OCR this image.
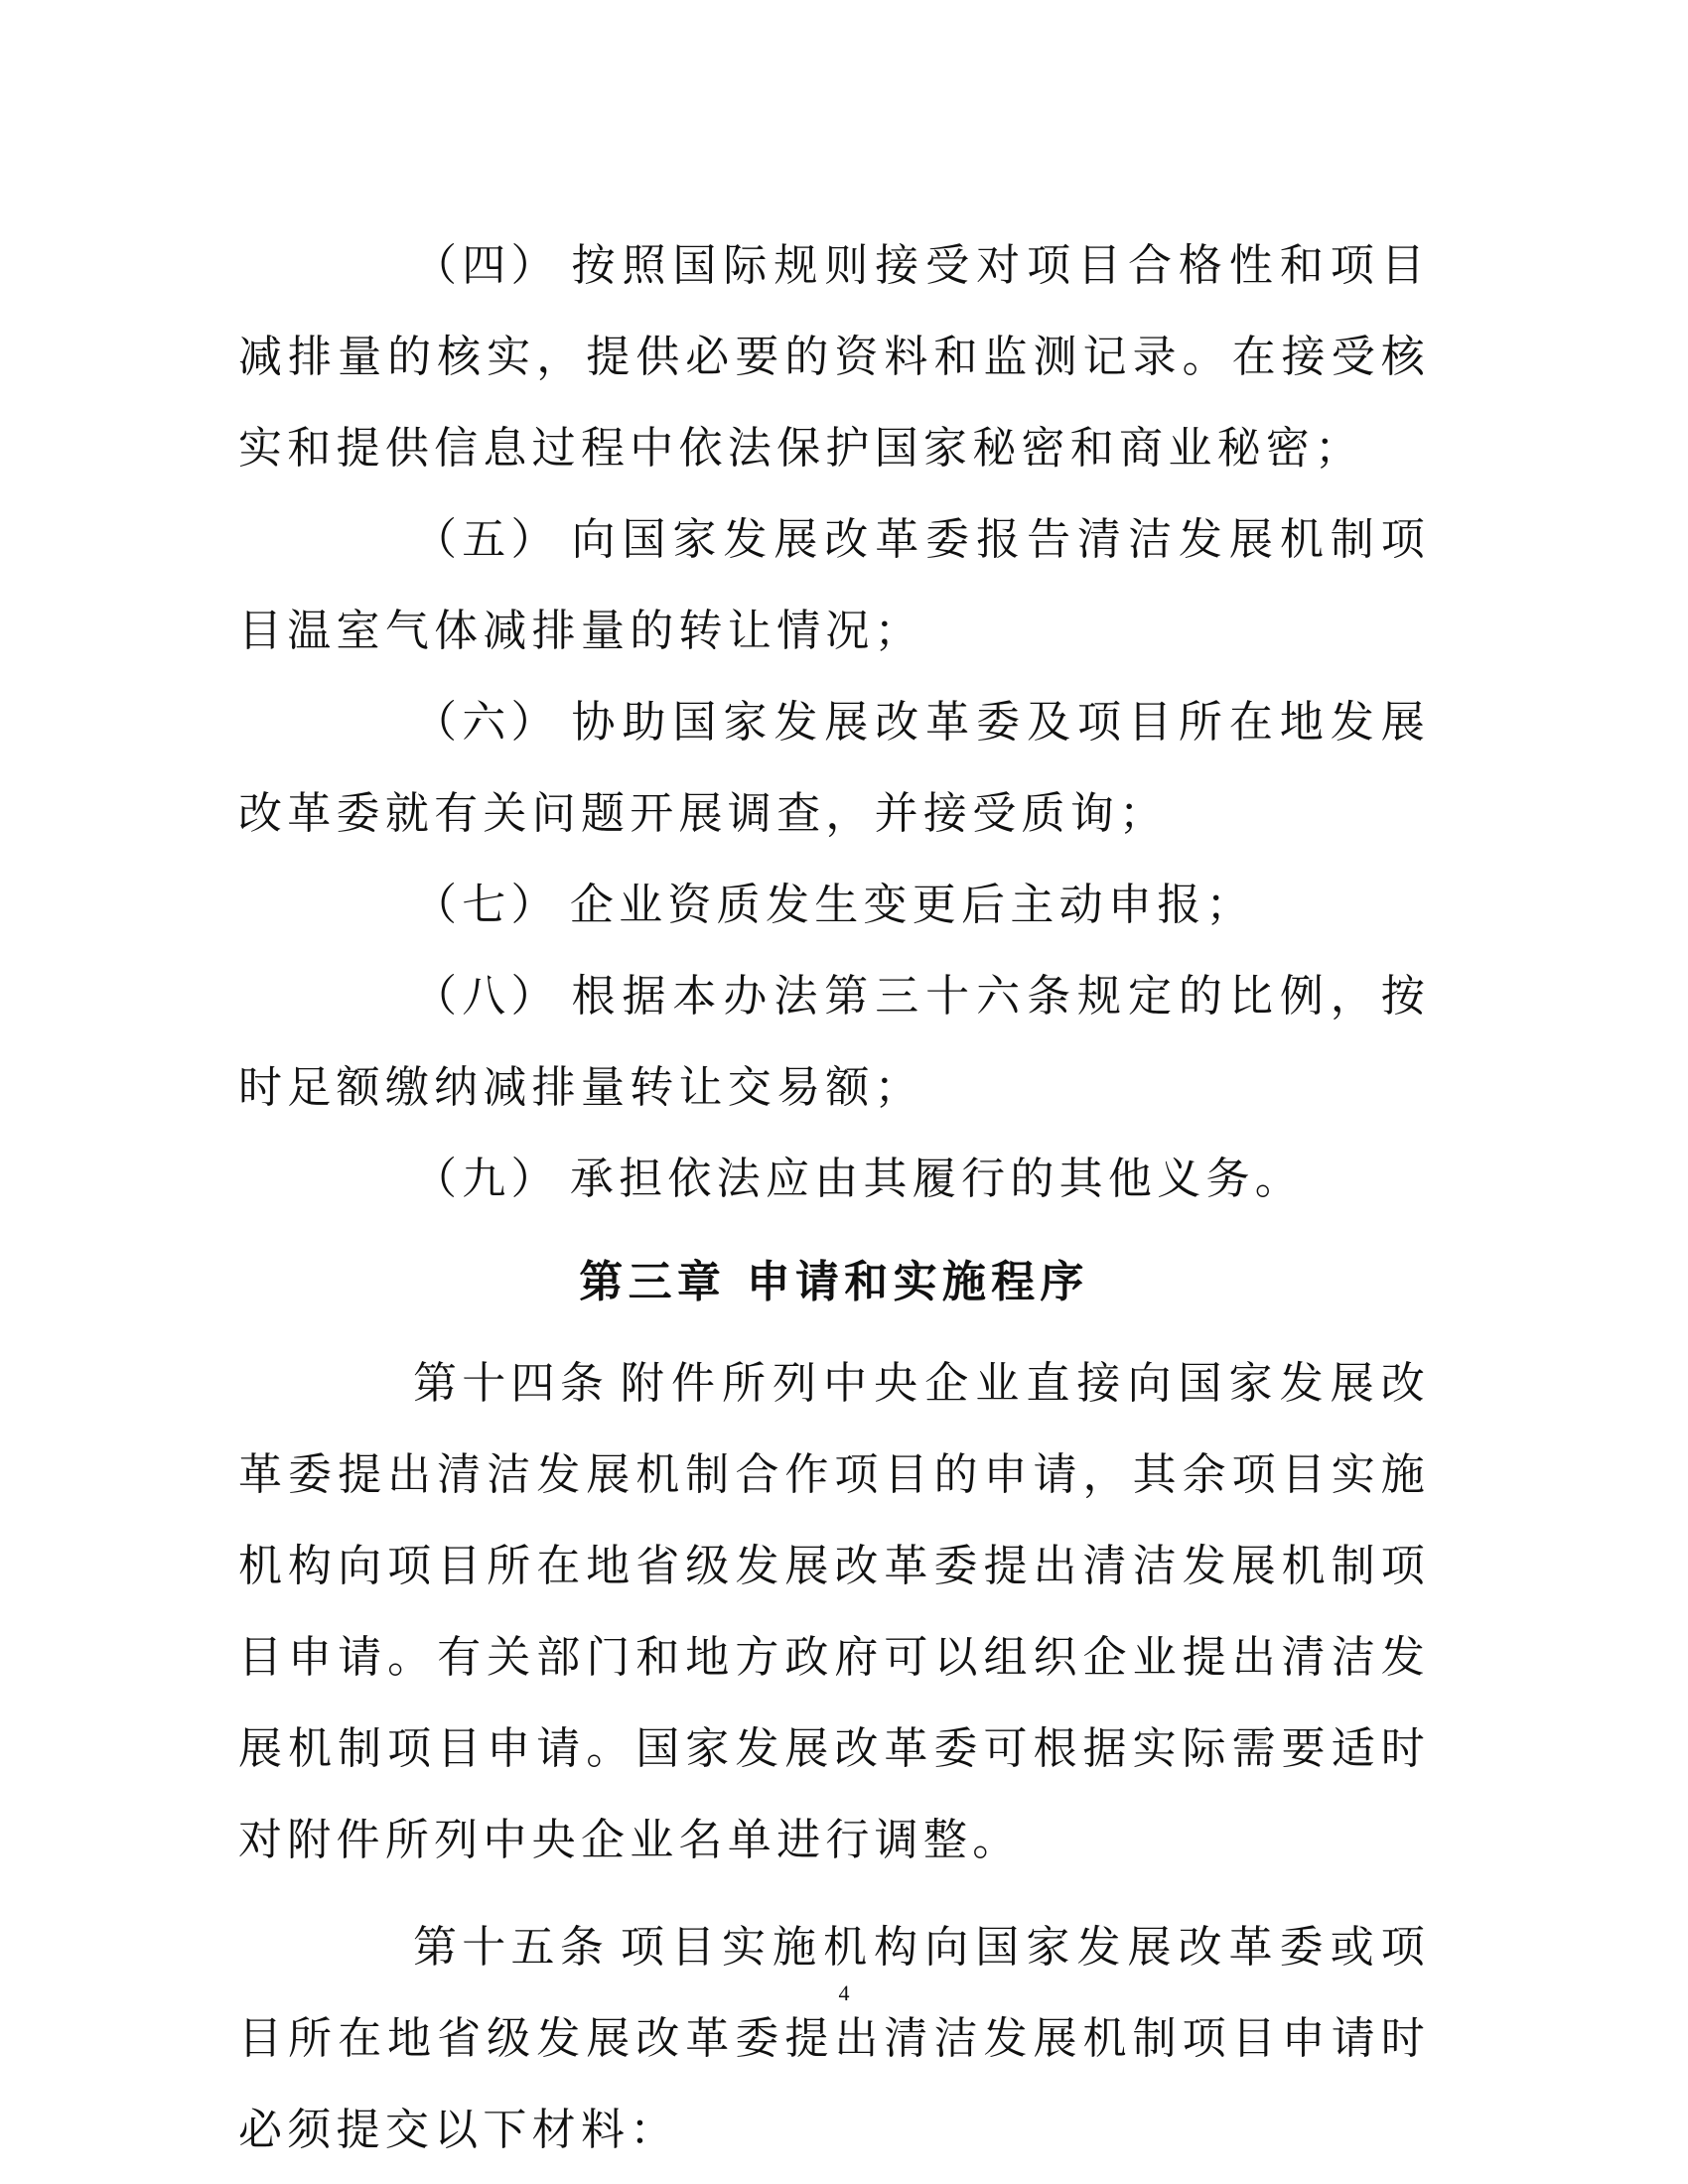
（四） 按照国际规则接受对项目合格性和项目减排量的核实，提供必要的资料和监测记录。在接受核实和提供信息过程中依法保护国家秘密和商业秘密；

（五） 向国家发展改革委报告清洁发展机制项目温室气体减排量的转让情况；

（六） 协助国家发展改革委及项目所在地发展改革委就有关问题开展调查，并接受质询；

（七） 企业资质发生变更后主动申报；

（八） 根据本办法第三十六条规定的比例，按时足额缴纳减排量转让交易额；

（九） 承担依法应由其履行的其他义务。

第三章 申请和实施程序

第十四条 附件所列中央企业直接向国家发展改革委提出清洁发展机制合作项目的申请，其余项目实施机构向项目所在地省级发展改革委提出清洁发展机制项目申请。有关部门和地方政府可以组织企业提出清洁发展机制项目申请。国家发展改革委可根据实际需要适时对附件所列中央企业名单进行调整。

第十五条 项目实施机构向国家发展改革委或项目所在地省级发展改革委提出清洁发展机制项目申请时必须提交以下材料：

4
